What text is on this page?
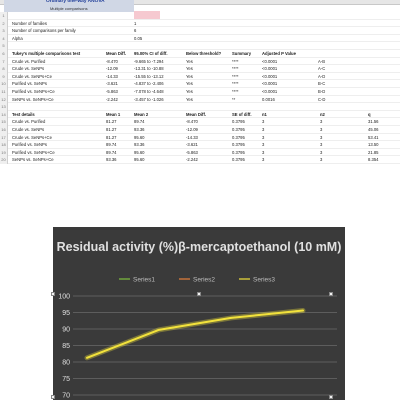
Ordinary one-way ANOVA
Multiple comparisons
1
2	Number of families	1
3	Number of comparisons per family	6
4	Alpha	0.05
5
6	Tukey's multiple comparisons test	Mean Diff.	95.00% CI of diff.	Below threshold?	Summary	Adjusted P Value
7	Crude vs. Purified	-8.470	-9.665 to -7.294	Yes	****	<0.0001	A-B
8	Crude vs. SeNPs	-12.09	-13.31 to -10.88	Yes	****	<0.0001	A-C
9	Crude vs. SeNPs+Ce	-14.33	-15.55 to -13.12	Yes	****	<0.0001	A-D
10	Purified vs. SeNPs	-3.621	-4.837 to -2.406	Yes	****	<0.0001	B-C
11	Purified vs. SeNPs+Ce	-5.863	-7.078 to -4.648	Yes	****	<0.0001	B-D
12	SeNPs vs. SeNPs+Ce	-2.242	-3.457 to -1.026	Yes	**	0.0016	C-D
13
14	Test details	Mean 1	Mean 2	Mean Diff.	SE of diff.	n1	n2	q
15	Crude vs. Purified	81.27	89.74	-8.470	0.3795	3	3	31.56
16	Crude vs. SeNPs	81.27	93.36	-12.09	0.3795	3	3	45.06
17	Crude vs. SeNPs+Ce	81.27	95.60	-14.33	0.3795	3	3	53.41
18	Purified vs. SeNPs	89.74	93.36	-3.621	0.3795	3	3	13.50
19	Purified vs. SeNPs+Ce	89.74	95.60	-5.863	0.3795	3	3	21.85
20	SeNPs vs. SeNPs+Ce	93.36	95.60	-2.242	0.3795	3	3	8.354
Residual activity (%)β-mercaptoethanol (10 mM)
100
95
90
85
80
75
70
Series1	Series2	Series3
